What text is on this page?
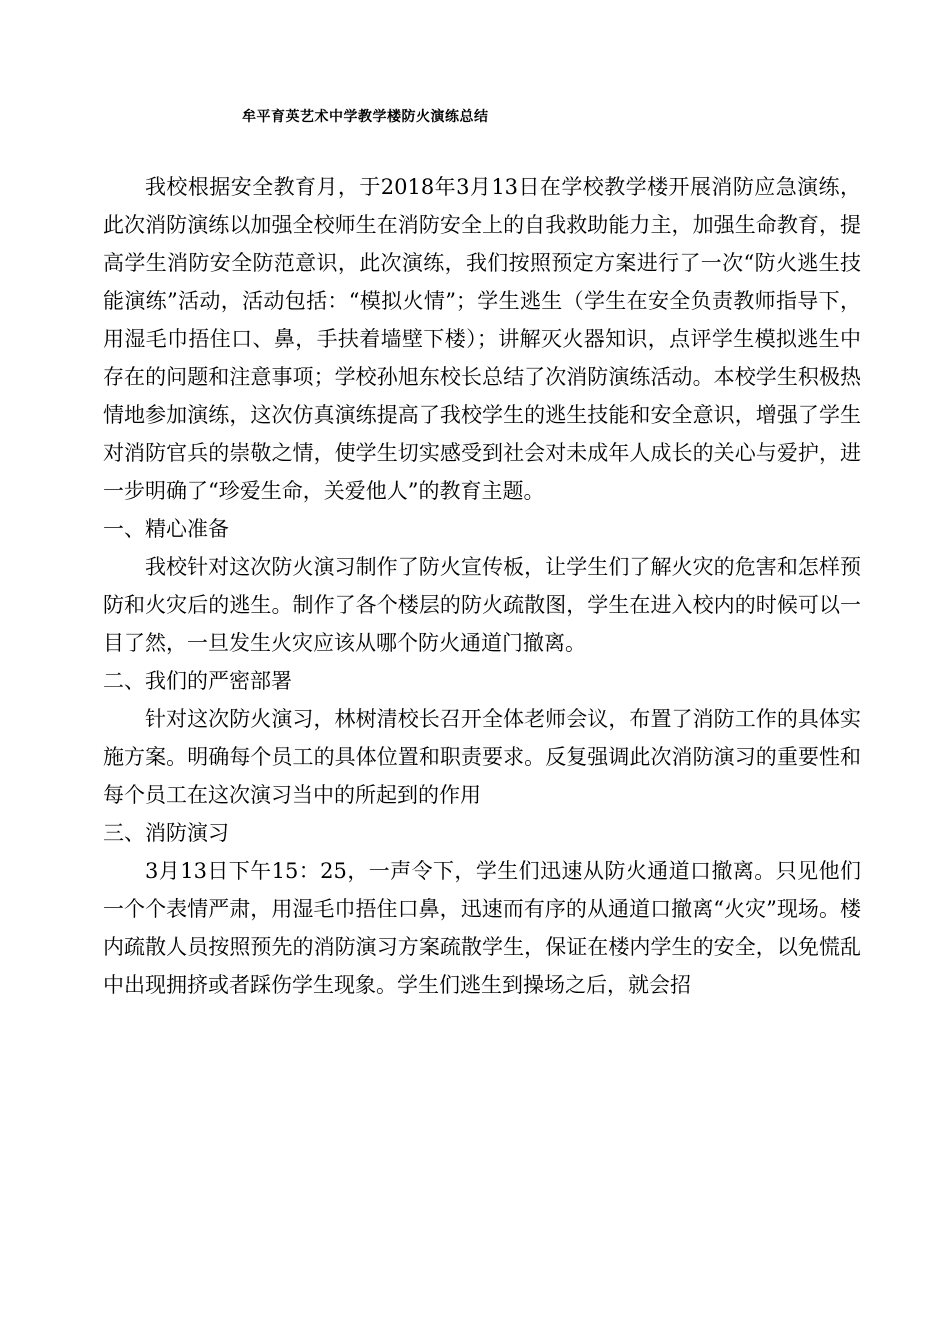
牟平育英艺术中学教学楼防火演练总结

我校根据安全教育月，于2018年3月13日在学校教学楼开展消防应急演练，此次消防演练以加强全校师生在消防安全上的自我救助能力主，加强生命教育，提高学生消防安全防范意识，此次演练，我们按照预定方案进行了一次“防火逃生技能演练”活动，活动包括：“模拟火情”；学生逃生（学生在安全负责教师指导下，用湿毛巾捂住口、鼻，手扶着墙壁下楼）；讲解灭火器知识，点评学生模拟逃生中存在的问题和注意事项；学校孙旭东校长总结了次消防演练活动。本校学生积极热情地参加演练，这次仿真演练提高了我校学生的逃生技能和安全意识，增强了学生对消防官兵的崇敬之情，使学生切实感受到社会对未成年人成长的关心与爱护，进一步明确了“珍爱生命，关爱他人”的教育主题。

一、精心准备

我校针对这次防火演习制作了防火宣传板，让学生们了解火灾的危害和怎样预防和火灾后的逃生。制作了各个楼层的防火疏散图，学生在进入校内的时候可以一目了然，一旦发生火灾应该从哪个防火通道门撤离。

二、我们的严密部署

针对这次防火演习，林树清校长召开全体老师会议，布置了消防工作的具体实施方案。明确每个员工的具体位置和职责要求。反复强调此次消防演习的重要性和每个员工在这次演习当中的所起到的作用

三、消防演习

3月13日下午15：25，一声令下，学生们迅速从防火通道口撤离。只见他们一个个表情严肃，用湿毛巾捂住口鼻，迅速而有序的从通道口撤离“火灾”现场。楼内疏散人员按照预先的消防演习方案疏散学生，保证在楼内学生的安全，以免慌乱中出现拥挤或者踩伤学生现象。学生们逃生到操场之后，就会招
